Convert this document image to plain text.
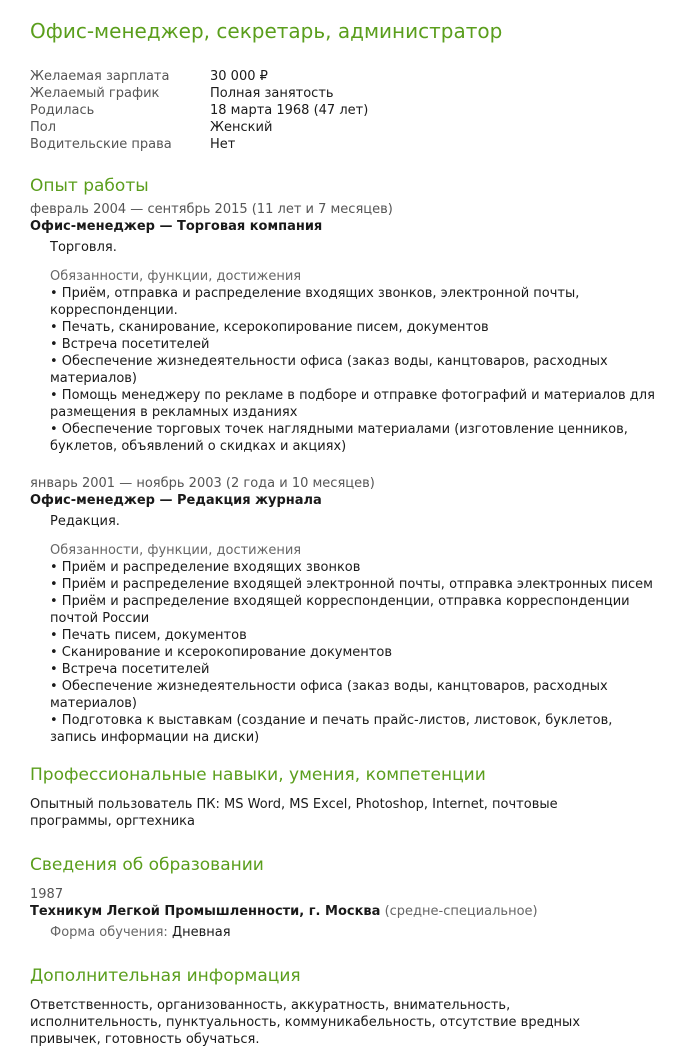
Офис-менеджер, секретарь, администратор
Желаемая зарплата	30 000 ₽
Желаемый график	Полная занятость
Родилась	18 марта 1968 (47 лет)
Пол	Женский
Водительские права	Нет
Опыт работы
февраль 2004 — сентябрь 2015 (11 лет и 7 месяцев)
Офис-менеджер — Торговая компания
Торговля.
Обязанности, функции, достижения

• Приём, отправка и распределение входящих звонков, электронной почты, корреспонденции.

• Печать, сканирование, ксерокопирование писем, документов

• Встреча посетителей

• Обеспечение жизнедеятельности офиса (заказ воды, канцтоваров, расходных материалов)

• Помощь менеджеру по рекламе в подборе и отправке фотографий и материалов для размещения в рекламных изданиях

• Обеспечение торговых точек наглядными материалами (изготовление ценников, буклетов, объявлений о скидках и акциях)

январь 2001 — ноябрь 2003 (2 года и 10 месяцев)
Офис-менеджер — Редакция журнала
Редакция.
Обязанности, функции, достижения

• Приём и распределение входящих звонков

• Приём и распределение входящей электронной почты, отправка электронных писем

• Приём и распределение входящей корреспонденции, отправка корреспонденции почтой России

• Печать писем, документов

• Сканирование и ксерокопирование документов

• Встреча посетителей

• Обеспечение жизнедеятельности офиса (заказ воды, канцтоваров, расходных материалов)

• Подготовка к выставкам (создание и печать прайс-листов, листовок, буклетов, запись информации на диски)

Профессиональные навыки, умения, компетенции
Опытный пользователь ПК: MS Word, MS Excel, Photoshop, Internet, почтовые программы, оргтехника
Сведения об образовании
1987
Техникум Легкой Промышленности, г. Москва (средне-специальное)
Форма обучения: Дневная
Дополнительная информация
Ответственность, организованность, аккуратность, внимательность, исполнительность, пунктуальность, коммуникабельность, отсутствие вредных привычек, готовность обучаться.
